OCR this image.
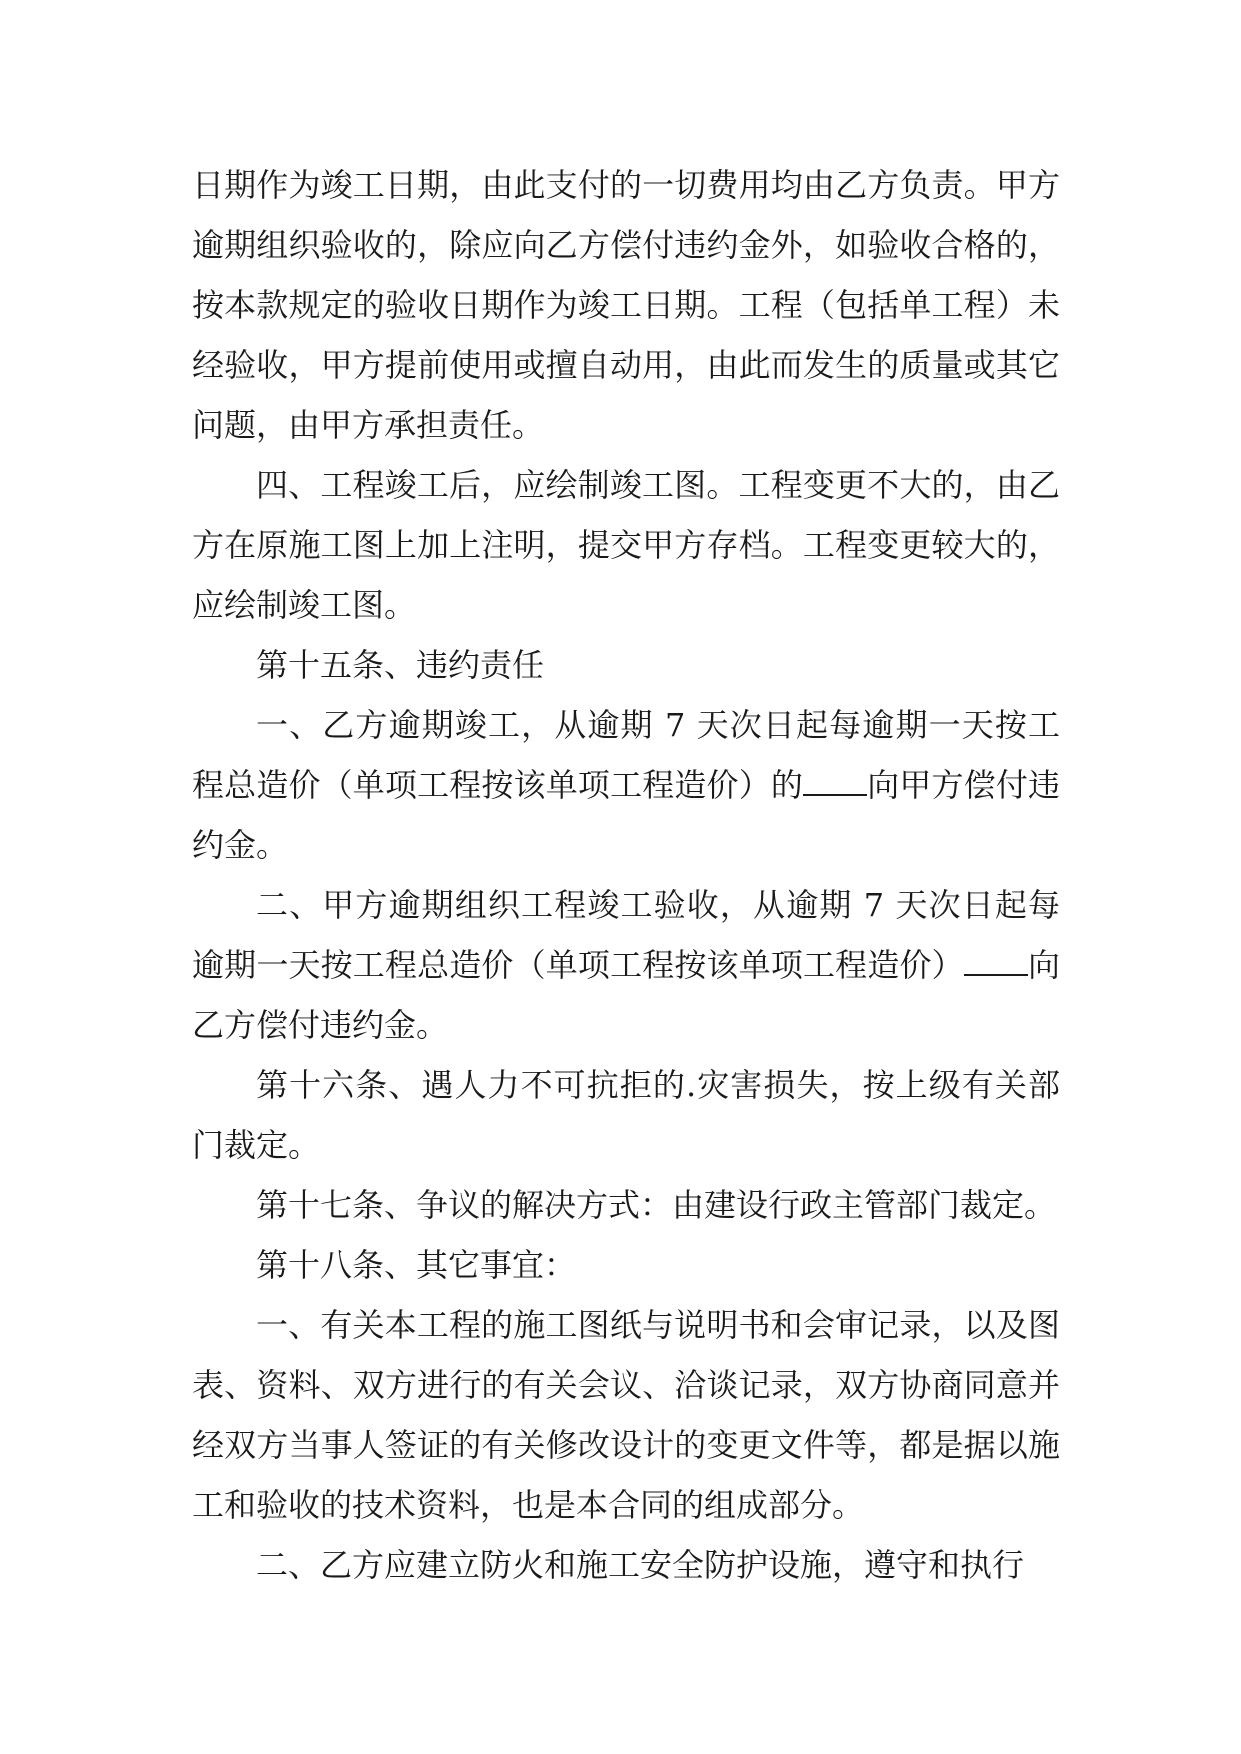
日期作为竣工日期，由此支付的一切费用均由乙方负责。甲方逾期组织验收的，除应向乙方偿付违约金外，如验收合格的，按本款规定的验收日期作为竣工日期。工程（包括单工程）未经验收，甲方提前使用或擅自动用，由此而发生的质量或其它问题，由甲方承担责任。

四、工程竣工后，应绘制竣工图。工程变更不大的，由乙方在原施工图上加上注明，提交甲方存档。工程变更较大的，应绘制竣工图。

第十五条、违约责任

一、乙方逾期竣工，从逾期 7 天次日起每逾期一天按工程总造价（单项工程按该单项工程造价）的 向甲方偿付违约金。

二、甲方逾期组织工程竣工验收，从逾期 7 天次日起每逾期一天按工程总造价（单项工程按该单项工程造价） 向乙方偿付违约金。

第十六条、遇人力不可抗拒的.灾害损失，按上级有关部门裁定。

第十七条、争议的解决方式：由建设行政主管部门裁定。

第十八条、其它事宜：

一、有关本工程的施工图纸与说明书和会审记录，以及图表、资料、双方进行的有关会议、洽谈记录，双方协商同意并经双方当事人签证的有关修改设计的变更文件等，都是据以施工和验收的技术资料，也是本合同的组成部分。

二、乙方应建立防火和施工安全防护设施，遵守和执行
